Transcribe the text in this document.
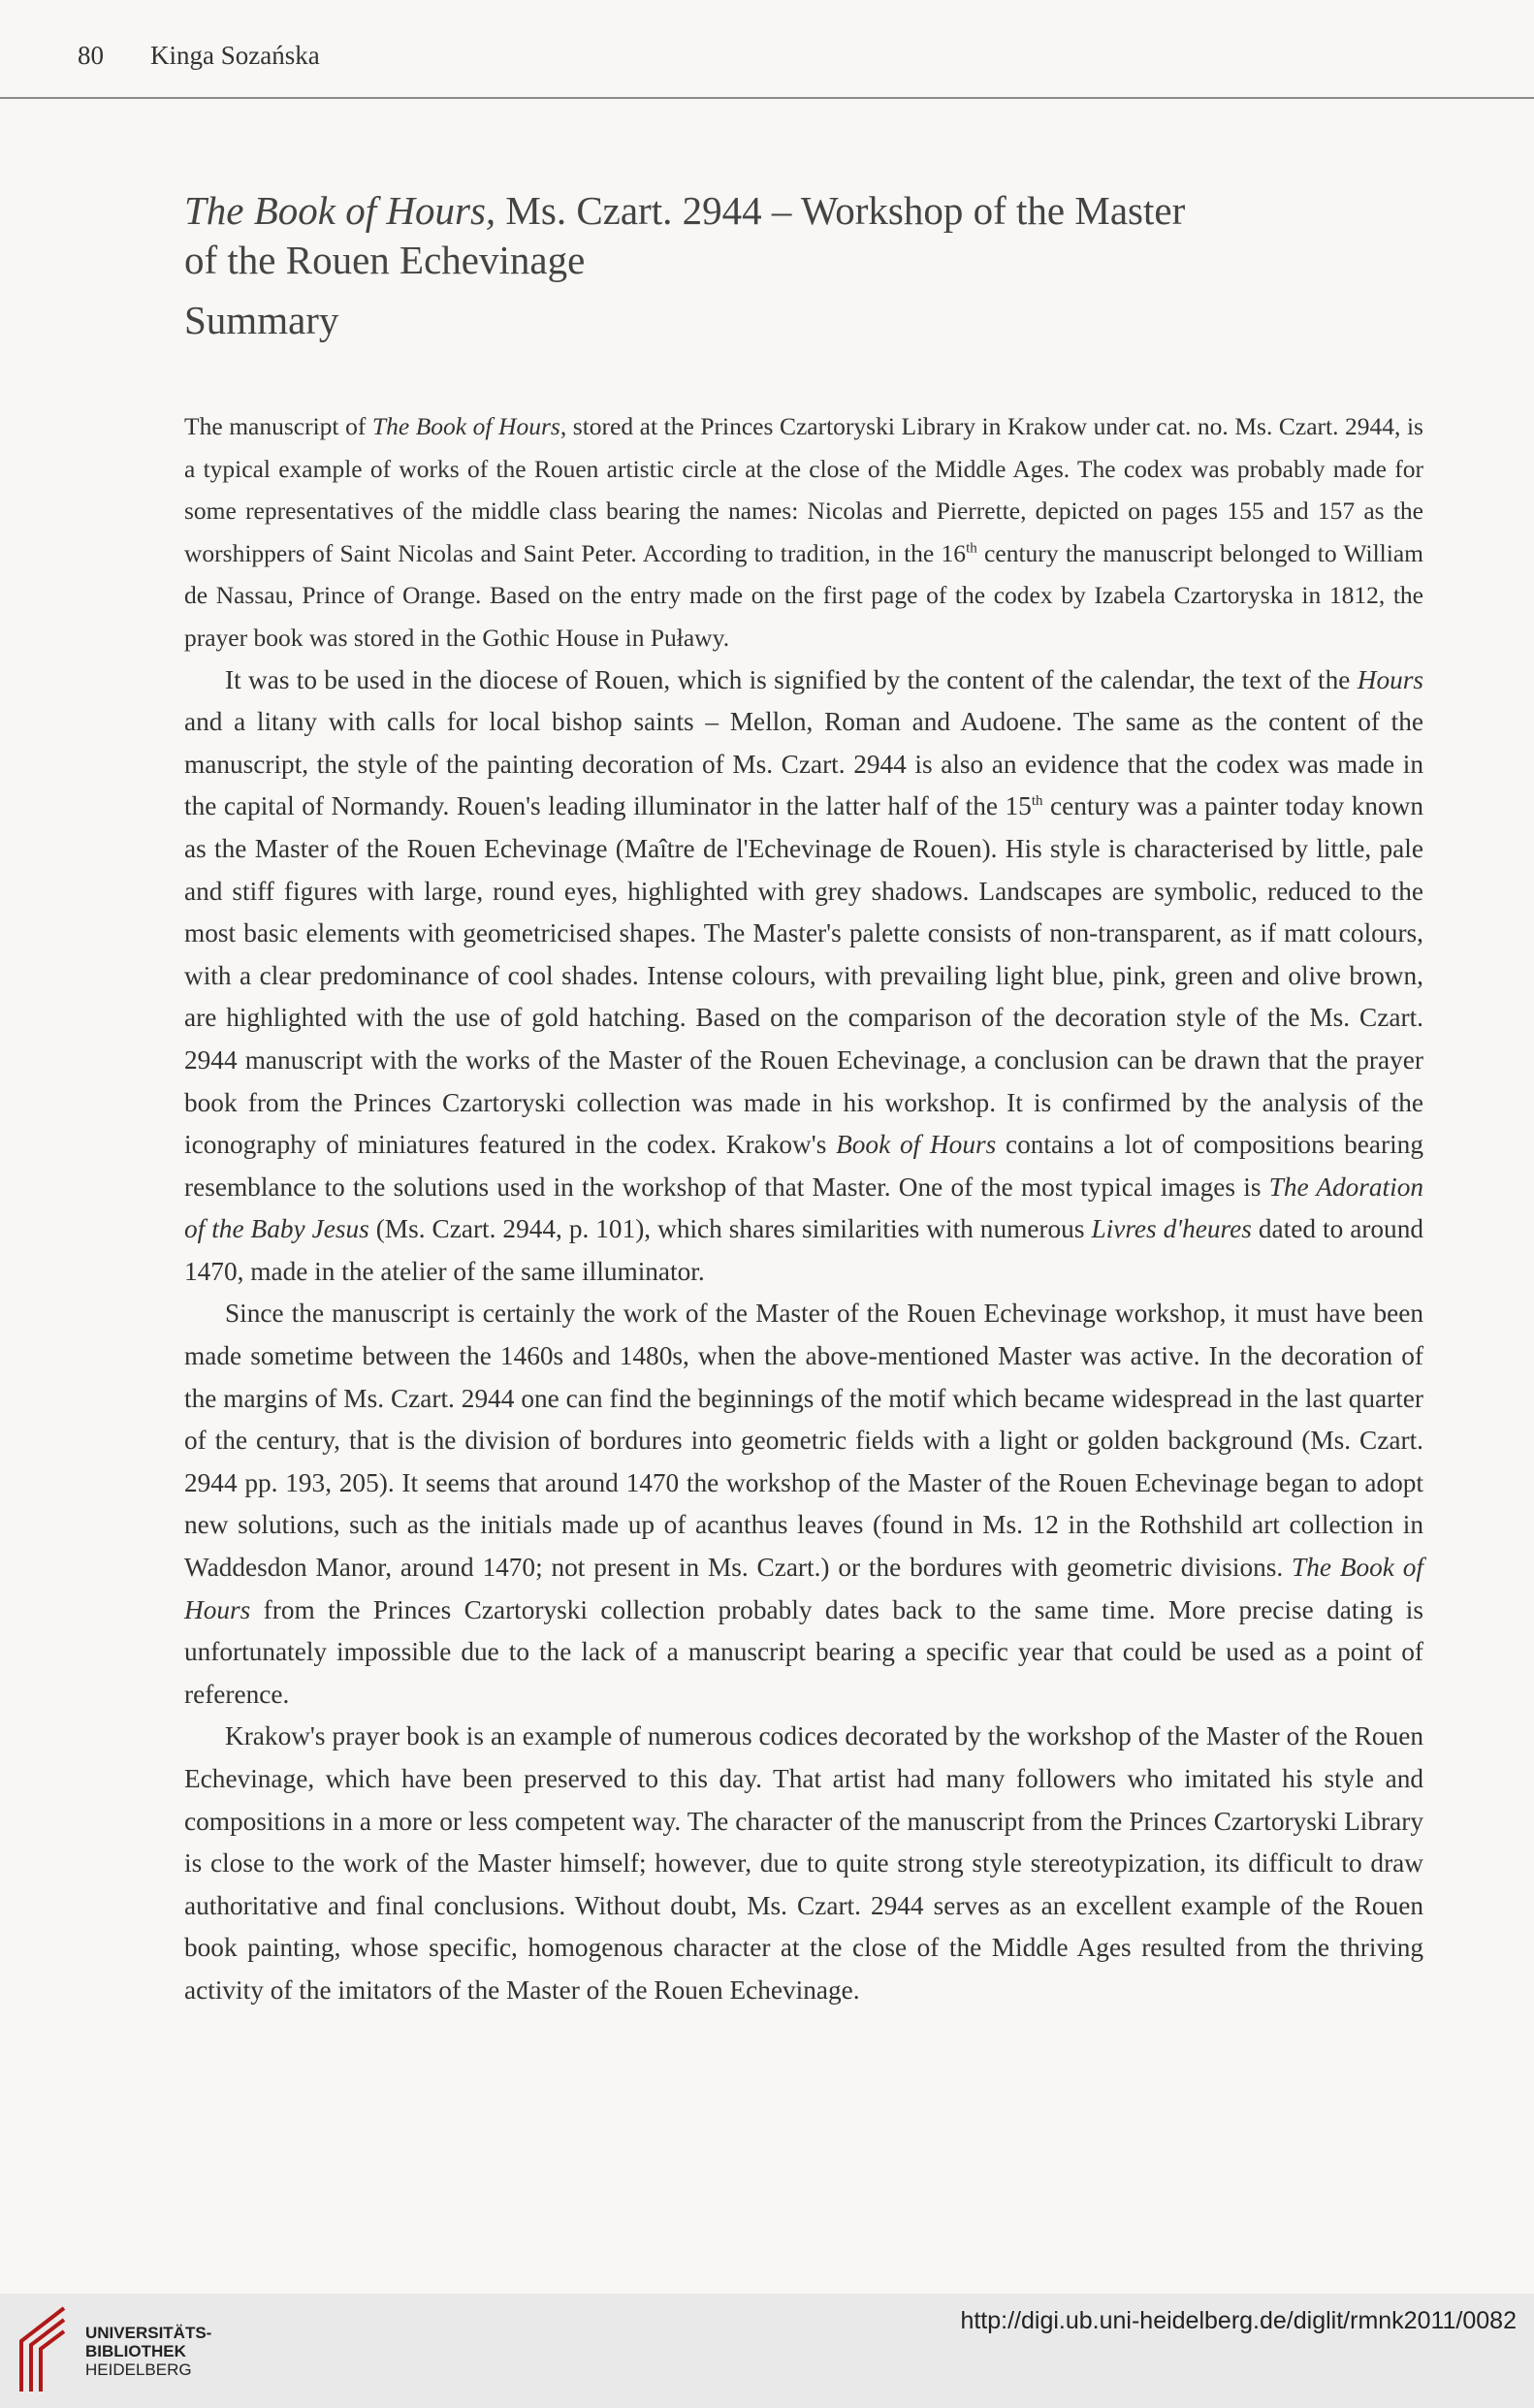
80 Kinga Sozańska
The Book of Hours, Ms. Czart. 2944 – Workshop of the Master
of the Rouen Echevinage
Summary

The manuscript of The Book of Hours, stored at the Princes Czartoryski Library in Krakow under cat. no. Ms. Czart. 2944, is a typical example of works of the Rouen artistic circle at the close of the Middle Ages. The codex was probably made for some representatives of the middle class bearing the names: Nicolas and Pierrette, depicted on pages 155 and 157 as the worshippers of Saint Nicolas and Saint Peter. According to tradition, in the 16th century the manuscript belonged to William de Nassau, Prince of Orange. Based on the entry made on the first page of the codex by Izabela Czartoryska in 1812, the prayer book was stored in the Gothic House in Puławy.

It was to be used in the diocese of Rouen, which is signified by the content of the calendar, the text of the Hours and a litany with calls for local bishop saints – Mellon, Roman and Audoene. The same as the content of the manuscript, the style of the painting decoration of Ms. Czart. 2944 is also an evidence that the codex was made in the capital of Normandy. Rouen's leading illuminator in the latter half of the 15th century was a painter today known as the Master of the Rouen Echevinage (Maître de l'Echevinage de Rouen). His style is characterised by little, pale and stiff figures with large, round eyes, highlighted with grey shadows. Landscapes are symbolic, reduced to the most basic elements with geometricised shapes. The Master's palette consists of non-transparent, as if matt colours, with a clear predominance of cool shades. Intense colours, with prevailing light blue, pink, green and olive brown, are highlighted with the use of gold hatching. Based on the comparison of the decoration style of the Ms. Czart. 2944 manuscript with the works of the Master of the Rouen Echevinage, a conclusion can be drawn that the prayer book from the Princes Czartoryski collection was made in his workshop. It is confirmed by the analysis of the iconography of miniatures featured in the codex. Krakow's Book of Hours contains a lot of compositions bearing resemblance to the solutions used in the workshop of that Master. One of the most typical images is The Adoration of the Baby Jesus (Ms. Czart. 2944, p. 101), which shares similarities with numerous Livres d'heures dated to around 1470, made in the atelier of the same illuminator.

Since the manuscript is certainly the work of the Master of the Rouen Echevinage workshop, it must have been made sometime between the 1460s and 1480s, when the above-mentioned Master was active. In the decoration of the margins of Ms. Czart. 2944 one can find the beginnings of the motif which became widespread in the last quarter of the century, that is the division of bordures into geometric fields with a light or golden background (Ms. Czart. 2944 pp. 193, 205). It seems that around 1470 the workshop of the Master of the Rouen Echevinage began to adopt new solutions, such as the initials made up of acanthus leaves (found in Ms. 12 in the Rothshild art collection in Waddesdon Manor, around 1470; not present in Ms. Czart.) or the bordures with geometric divisions. The Book of Hours from the Princes Czartoryski collection probably dates back to the same time. More precise dating is unfortunately impossible due to the lack of a manuscript bearing a specific year that could be used as a point of reference.

Krakow's prayer book is an example of numerous codices decorated by the workshop of the Master of the Rouen Echevinage, which have been preserved to this day. That artist had many followers who imitated his style and compositions in a more or less competent way. The character of the manuscript from the Princes Czartoryski Library is close to the work of the Master himself; however, due to quite strong style stereotypization, its difficult to draw authoritative and final conclusions. Without doubt, Ms. Czart. 2944 serves as an excellent example of the Rouen book painting, whose specific, homogenous character at the close of the Middle Ages resulted from the thriving activity of the imitators of the Master of the Rouen Echevinage.

UNIVERSITÄTS-
BIBLIOTHEK
HEIDELBERG
http://digi.ub.uni-heidelberg.de/diglit/rmnk2011/0082
